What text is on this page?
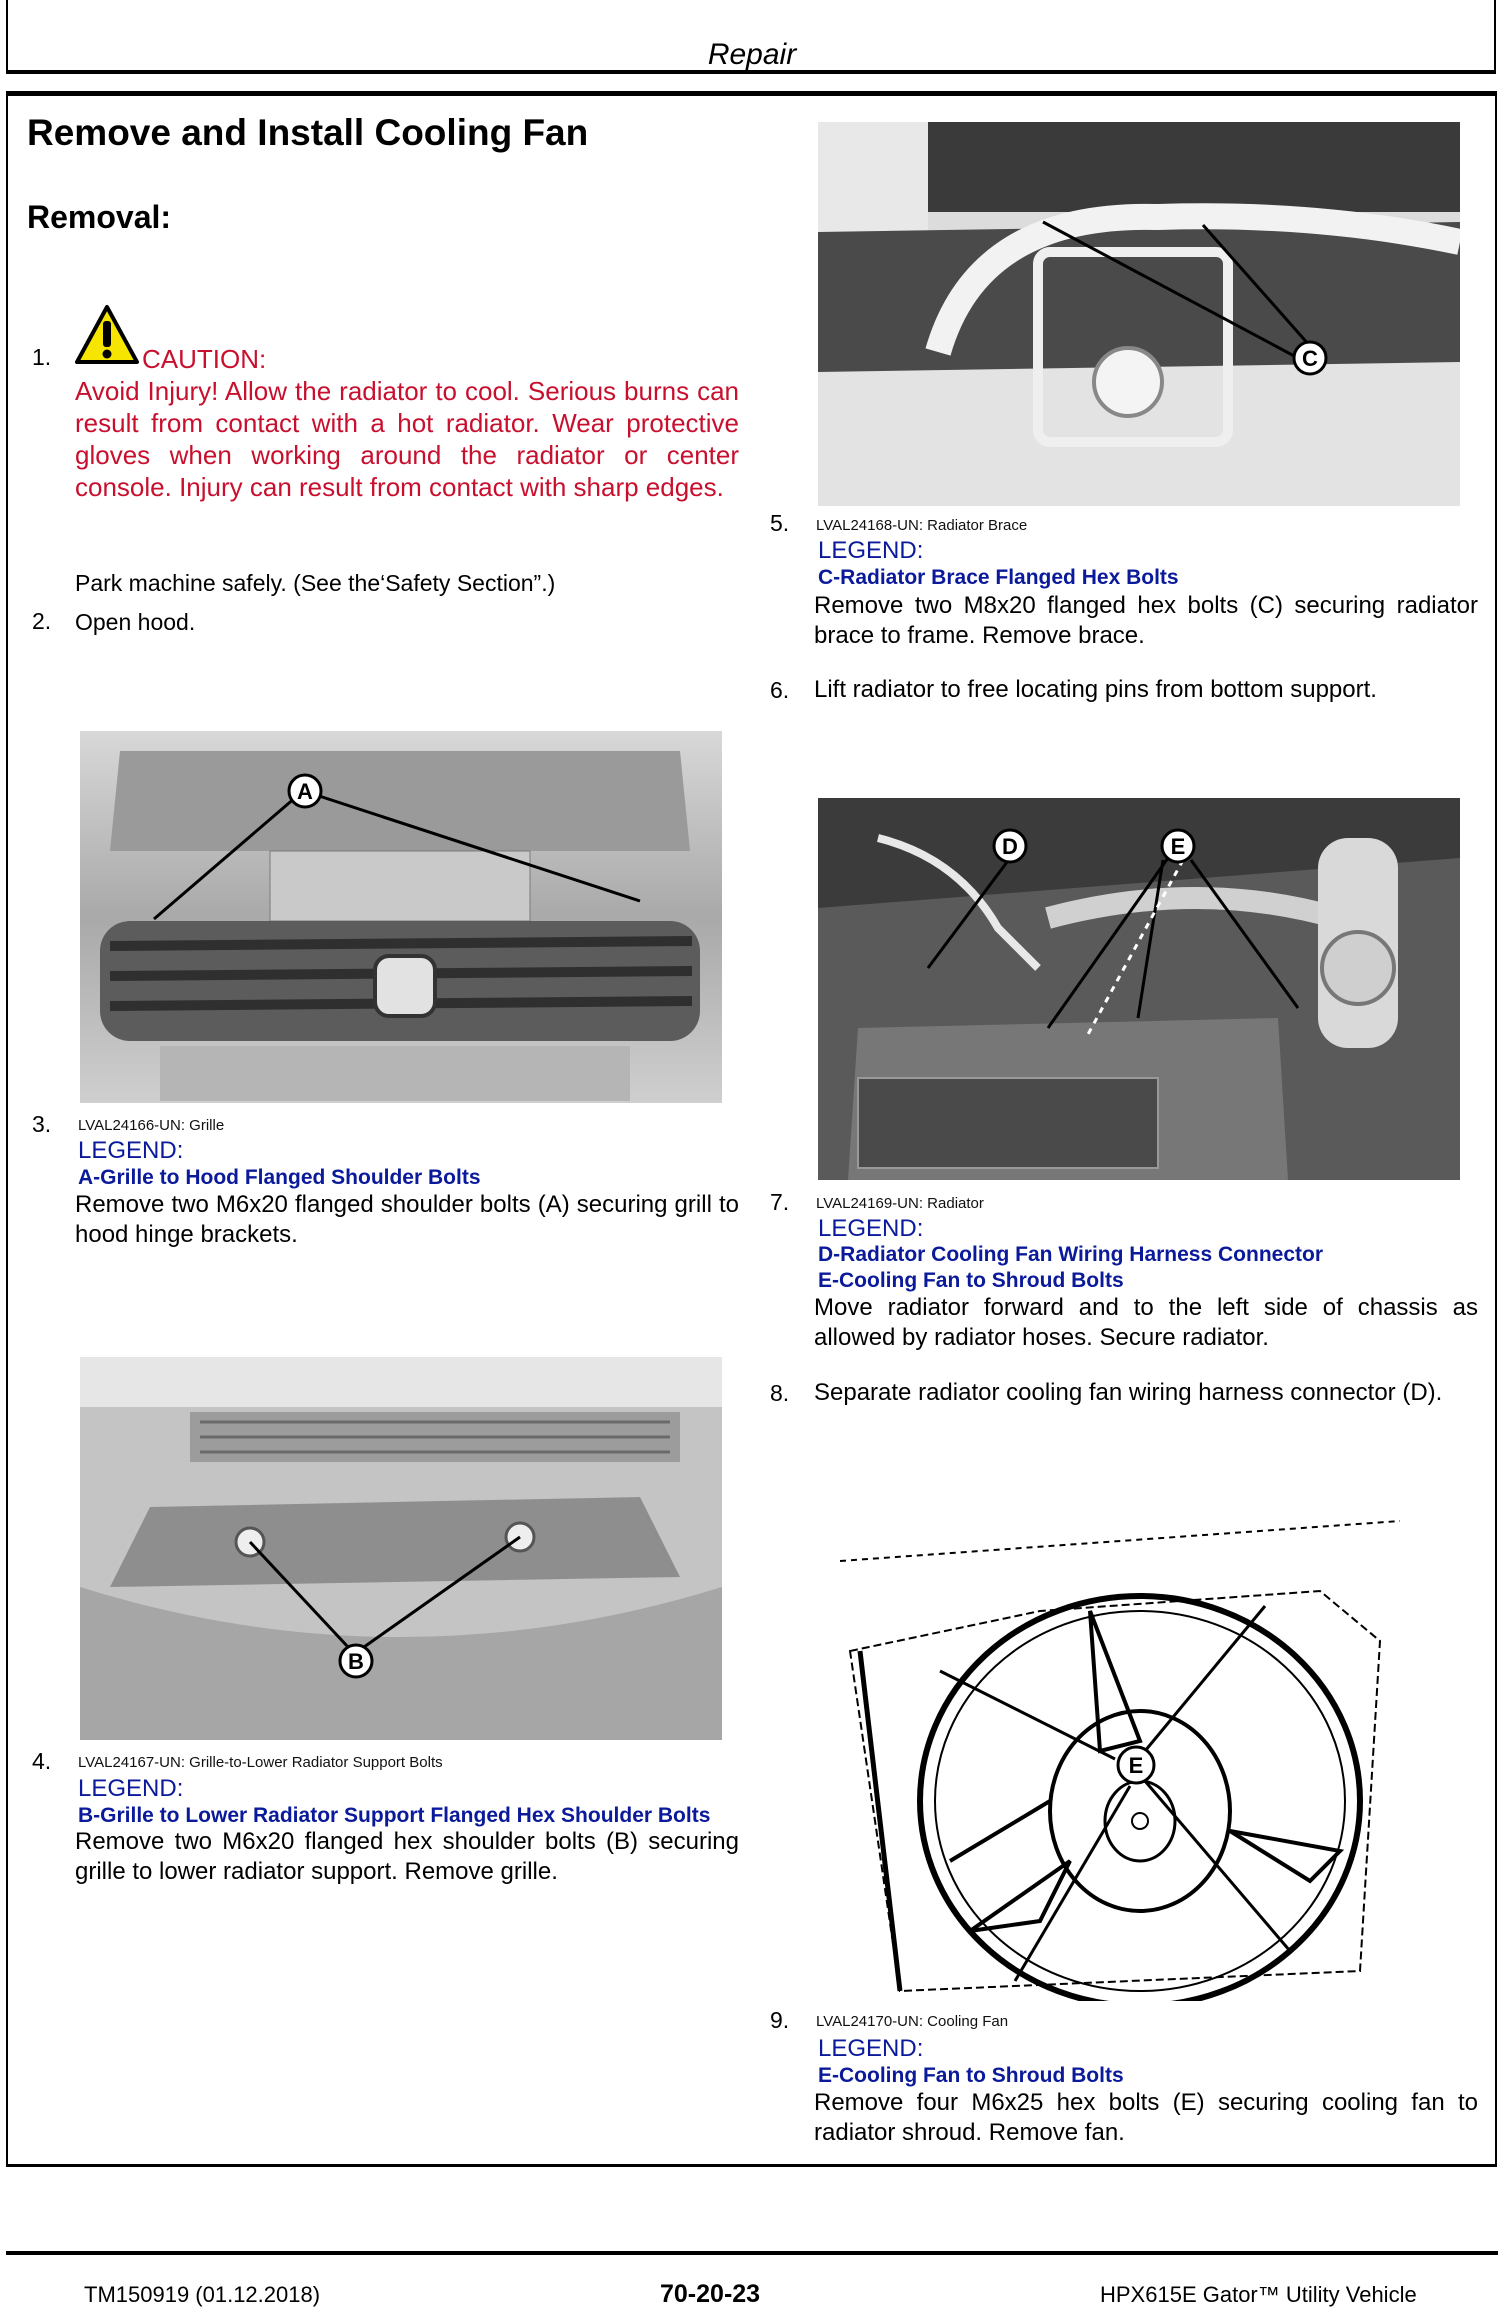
Repair
Remove and Install Cooling Fan
Removal:
1.	CAUTION:
Avoid Injury! Allow the radiator to cool. Serious burns can result from contact with a hot radiator. Wear protective gloves when working around the radiator or center console. Injury can result from contact with sharp edges.
Park machine safely. (See the‘Safety Section”.)
2. Open hood.
A
3. LVAL24166-UN: Grille
LEGEND:
A-Grille to Hood Flanged Shoulder Bolts
Remove two M6x20 flanged shoulder bolts (A) securing grill to hood hinge brackets.
B
4. LVAL24167-UN: Grille-to-Lower Radiator Support Bolts
LEGEND:
B-Grille to Lower Radiator Support Flanged Hex Shoulder Bolts
Remove two M6x20 flanged hex shoulder bolts (B) securing grille to lower radiator support. Remove grille.
C
5. LVAL24168-UN: Radiator Brace
LEGEND:
C-Radiator Brace Flanged Hex Bolts
Remove two M8x20 flanged hex bolts (C) securing radiator brace to frame. Remove brace.
6. Lift radiator to free locating pins from bottom support.
D	E
7. LVAL24169-UN: Radiator
LEGEND:
D-Radiator Cooling Fan Wiring Harness Connector
E-Cooling Fan to Shroud Bolts
Move radiator forward and to the left side of chassis as allowed by radiator hoses. Secure radiator.
8. Separate radiator cooling fan wiring harness connector (D).
E
9. LVAL24170-UN: Cooling Fan
LEGEND:
E-Cooling Fan to Shroud Bolts
Remove four M6x25 hex bolts (E) securing cooling fan to radiator shroud. Remove fan.
TM150919 (01.12.2018)	70-20-23	HPX615E Gator™ Utility Vehicle
